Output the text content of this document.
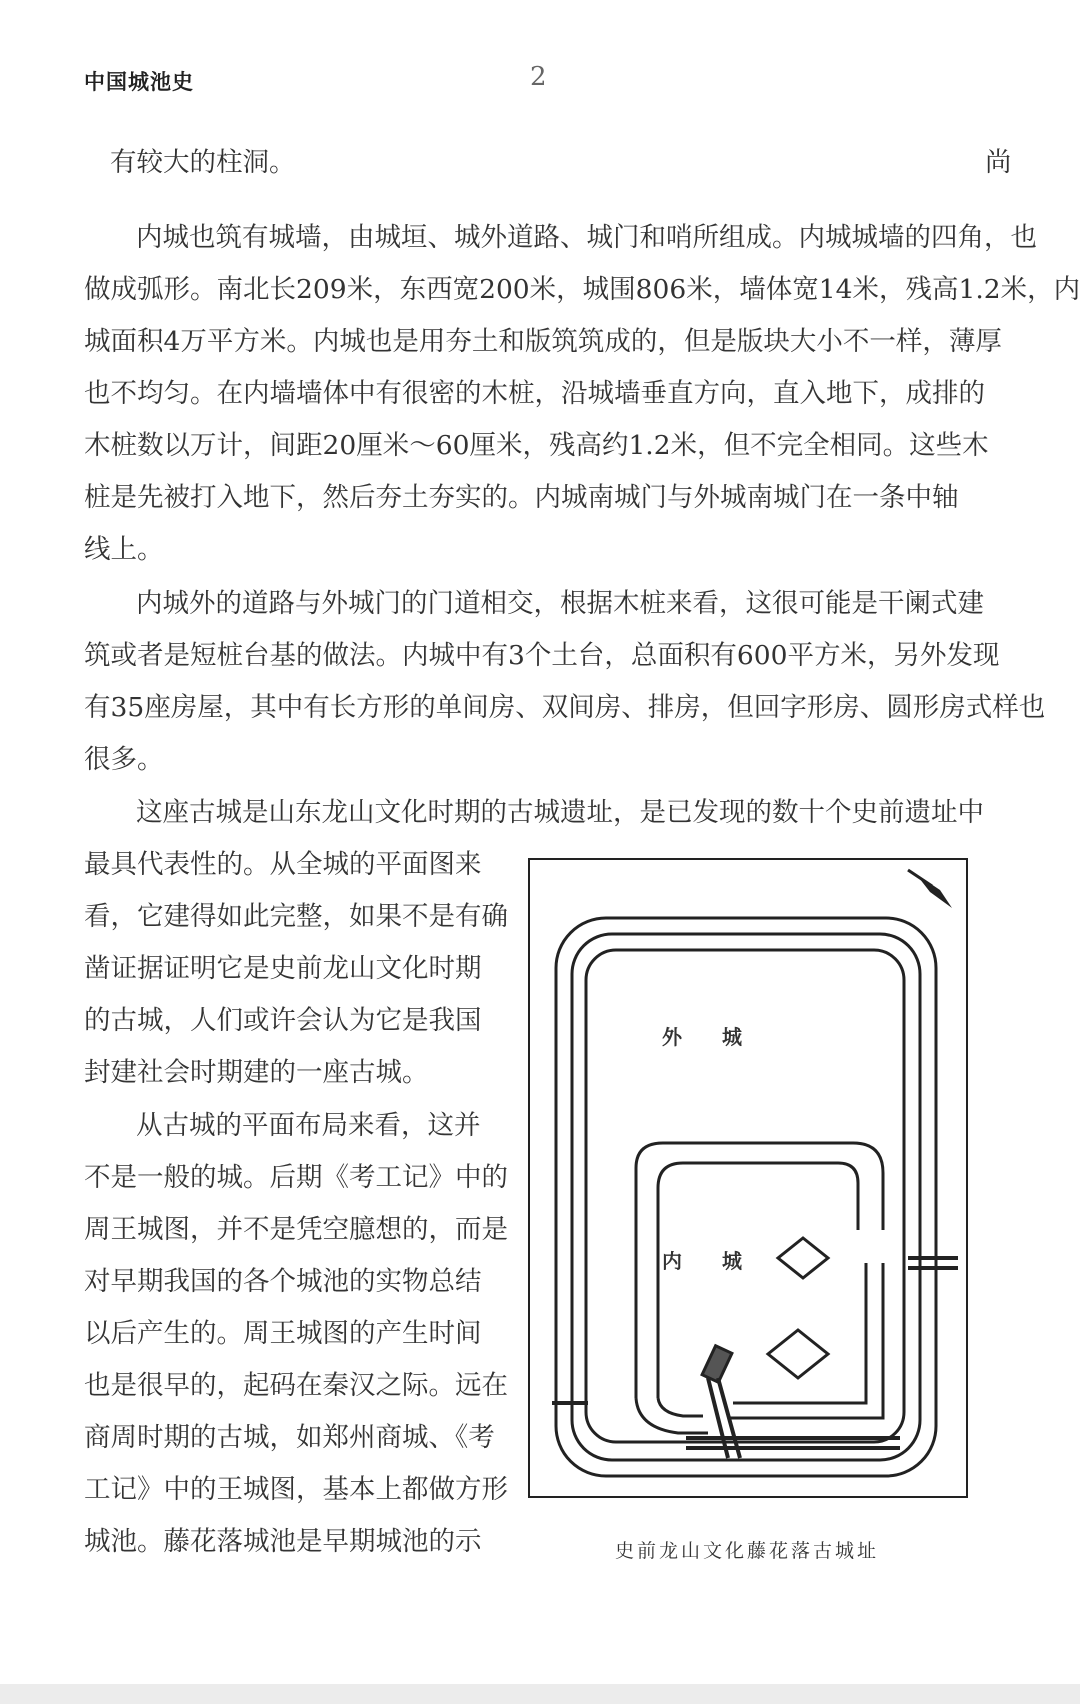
中国城池史	2
有较大的柱洞。	尚
内城也筑有城墙，由城垣、城外道路、城门和哨所组成。内城城墙的四角，也
做成弧形。南北长209米，东西宽200米，城围806米，墙体宽14米，残高1.2米，内
城面积4万平方米。内城也是用夯土和版筑筑成的，但是版块大小不一样，薄厚
也不均匀。在内墙墙体中有很密的木桩，沿城墙垂直方向，直入地下，成排的
木桩数以万计，间距20厘米～60厘米，残高约1.2米，但不完全相同。这些木
桩是先被打入地下，然后夯土夯实的。内城南城门与外城南城门在一条中轴
线上。
内城外的道路与外城门的门道相交，根据木桩来看，这很可能是干阑式建
筑或者是短桩台基的做法。内城中有3个土台，总面积有600平方米，另外发现
有35座房屋，其中有长方形的单间房、双间房、排房，但回字形房、圆形房式样也
很多。
这座古城是山东龙山文化时期的古城遗址，是已发现的数十个史前遗址中
最具代表性的。从全城的平面图来
看，它建得如此完整，如果不是有确
凿证据证明它是史前龙山文化时期
的古城，人们或许会认为它是我国
封建社会时期建的一座古城。
从古城的平面布局来看，这并
不是一般的城。后期《考工记》中的
周王城图，并不是凭空臆想的，而是
对早期我国的各个城池的实物总结
以后产生的。周王城图的产生时间
也是很早的，起码在秦汉之际。远在
商周时期的古城，如郑州商城、《考
工记》中的王城图，基本上都做方形
城池。藤花落城池是早期城池的示
外　　城
内　　城
史前龙山文化藤花落古城址
